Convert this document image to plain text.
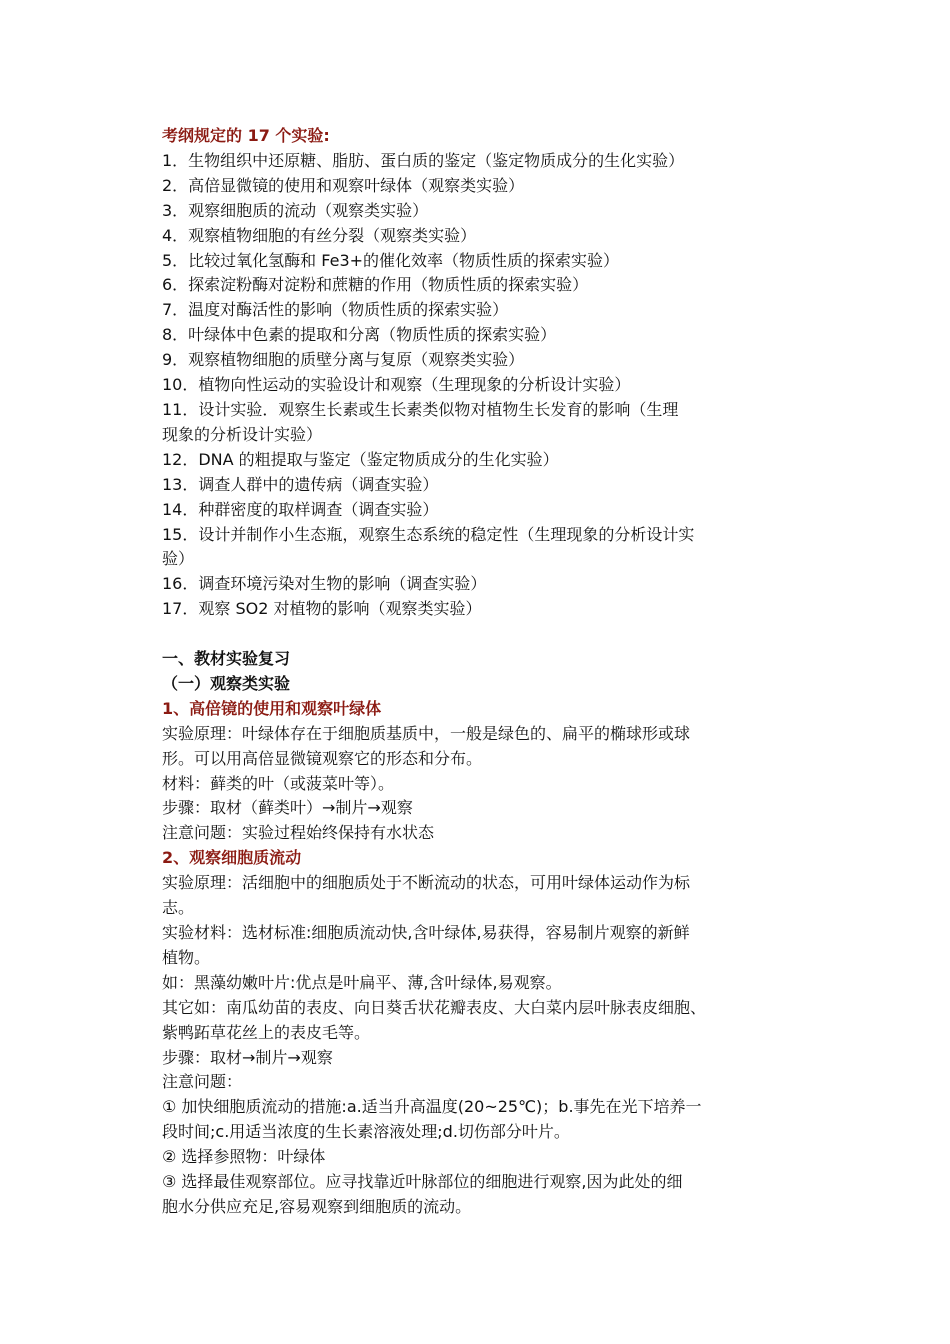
考纲规定的 17 个实验:
1．生物组织中还原糖、脂肪、蛋白质的鉴定（鉴定物质成分的生化实验）
2．高倍显微镜的使用和观察叶绿体（观察类实验）
3．观察细胞质的流动（观察类实验）
4．观察植物细胞的有丝分裂（观察类实验）
5．比较过氧化氢酶和 Fe3+的催化效率（物质性质的探索实验）
6．探索淀粉酶对淀粉和蔗糖的作用（物质性质的探索实验）
7．温度对酶活性的影响（物质性质的探索实验）
8．叶绿体中色素的提取和分离（物质性质的探索实验）
9．观察植物细胞的质壁分离与复原（观察类实验）
10．植物向性运动的实验设计和观察（生理现象的分析设计实验）
11．设计实验．观察生长素或生长素类似物对植物生长发育的影响（生理
现象的分析设计实验）
12．DNA 的粗提取与鉴定（鉴定物质成分的生化实验）
13．调查人群中的遗传病（调查实验）
14．种群密度的取样调查（调查实验）
15．设计并制作小生态瓶，观察生态系统的稳定性（生理现象的分析设计实
验）
16．调查环境污染对生物的影响（调查实验）
17．观察 SO2 对植物的影响（观察类实验）
一、教材实验复习
（一）观察类实验
1、高倍镜的使用和观察叶绿体
实验原理：叶绿体存在于细胞质基质中，一般是绿色的、扁平的椭球形或球
形。可以用高倍显微镜观察它的形态和分布。
材料：藓类的叶（或菠菜叶等）。
步骤：取材（藓类叶）→制片→观察
注意问题：实验过程始终保持有水状态
2、观察细胞质流动
实验原理：活细胞中的细胞质处于不断流动的状态，可用叶绿体运动作为标
志。
实验材料：选材标准:细胞质流动快,含叶绿体,易获得，容易制片观察的新鲜
植物。
如：黑藻幼嫩叶片:优点是叶扁平、薄,含叶绿体,易观察。
其它如：南瓜幼苗的表皮、向日葵舌状花瓣表皮、大白菜内层叶脉表皮细胞、
紫鸭跖草花丝上的表皮毛等。
步骤：取材→制片→观察
注意问题：
① 加快细胞质流动的措施:a.适当升高温度(20~25℃)；b.事先在光下培养一
段时间;c.用适当浓度的生长素溶液处理;d.切伤部分叶片。
② 选择参照物：叶绿体
③ 选择最佳观察部位。应寻找靠近叶脉部位的细胞进行观察,因为此处的细
胞水分供应充足,容易观察到细胞质的流动。
